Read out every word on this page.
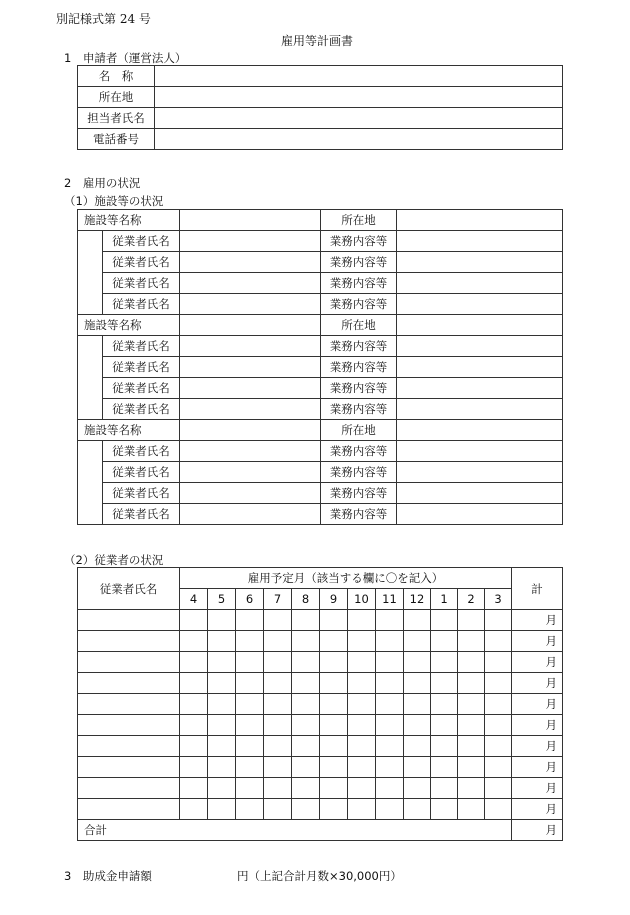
別記様式第 24 号
雇用等計画書
1　申請者（運営法人）
名　称	
所在地	
担当者氏名	
電話番号	
2　雇用の状況
（1）施設等の状況
施設等名称			所在地	
	従業者氏名		業務内容等	
	従業者氏名		業務内容等	
	従業者氏名		業務内容等	
	従業者氏名		業務内容等	
施設等名称			所在地	
	従業者氏名		業務内容等	
	従業者氏名		業務内容等	
	従業者氏名		業務内容等	
	従業者氏名		業務内容等	
施設等名称			所在地	
	従業者氏名		業務内容等	
	従業者氏名		業務内容等	
	従業者氏名		業務内容等	
	従業者氏名		業務内容等	
（2）従業者の状況
従業者氏名	雇用予定月（該当する欄に〇を記入）												計
	4	5	6	7	8	9	10	11	12	1	2	3	
													月
													月
													月
													月
													月
													月
													月
													月
													月
													月
合計													月
3　助成金申請額	円（上記合計月数×30,000円）
